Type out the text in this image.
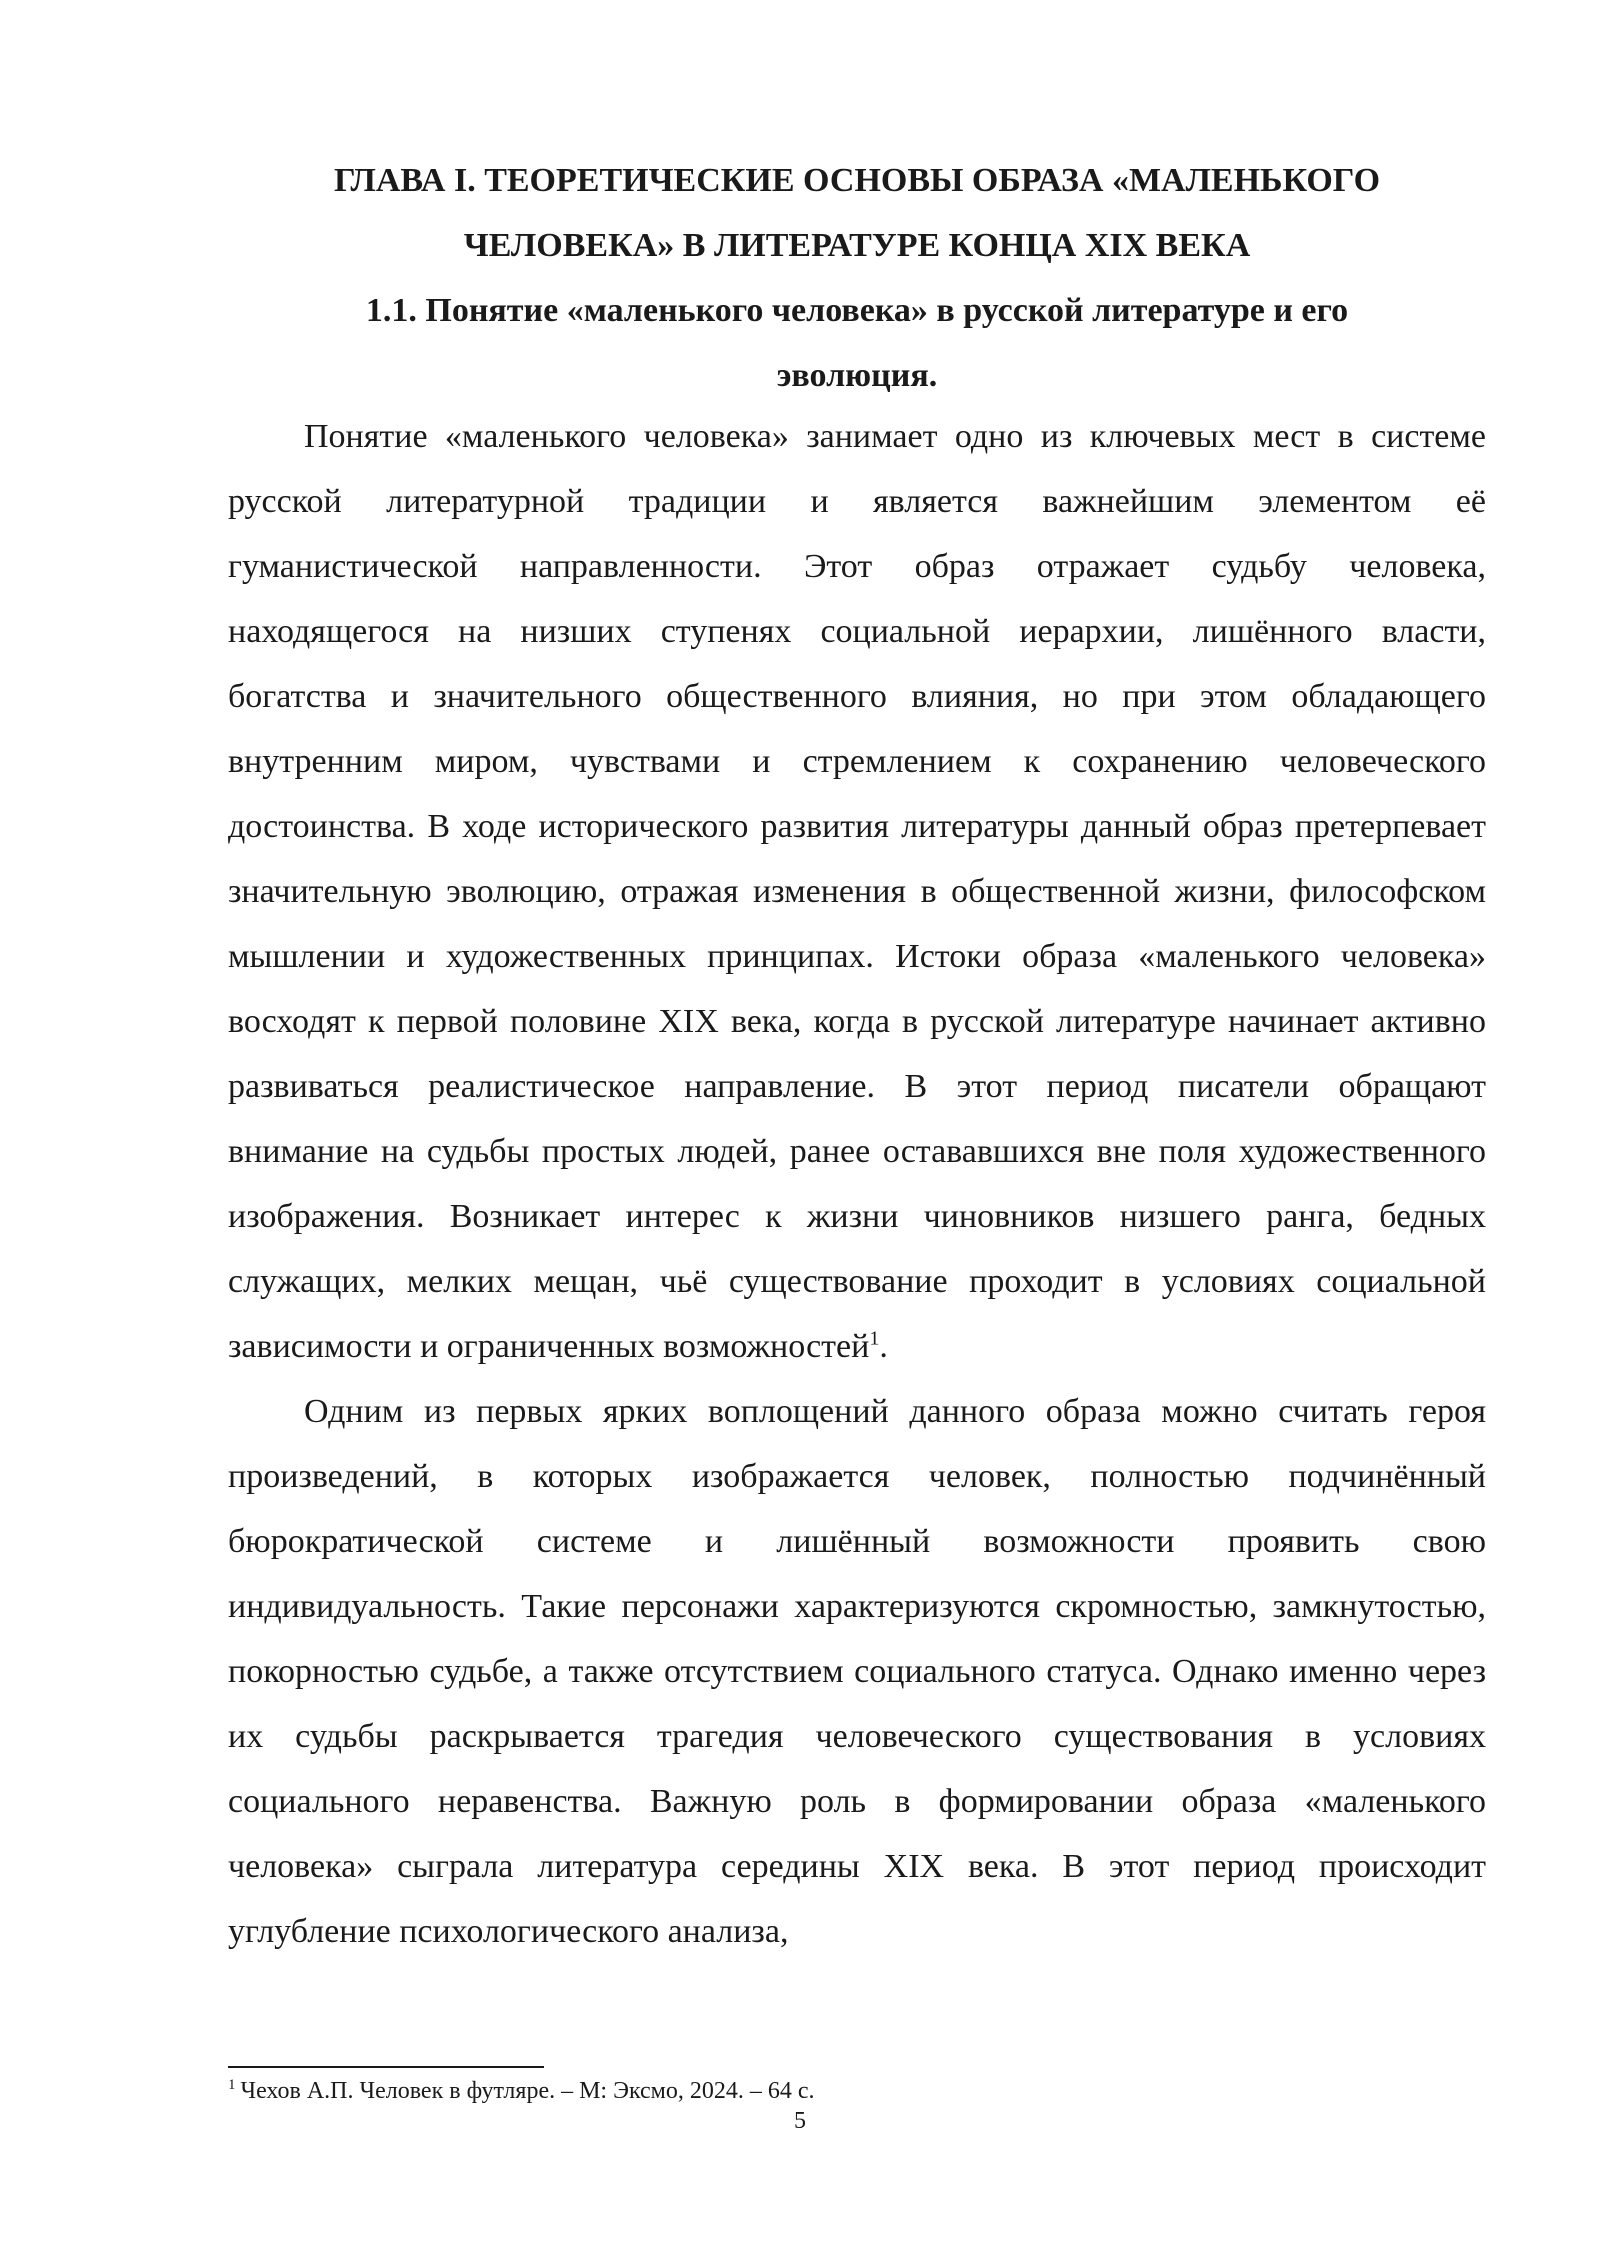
ГЛАВА I. ТЕОРЕТИЧЕСКИЕ ОСНОВЫ ОБРАЗА «МАЛЕНЬКОГО
ЧЕЛОВЕКА» В ЛИТЕРАТУРЕ КОНЦА XIX ВЕКА
1.1. Понятие «маленького человека» в русской литературе и его
эволюция.

Понятие «маленького человека» занимает одно из ключевых мест в системе русской литературной традиции и является важнейшим элементом её гуманистической направленности. Этот образ отражает судьбу человека, находящегося на низших ступенях социальной иерархии, лишённого власти, богатства и значительного общественного влияния, но при этом обладающего внутренним миром, чувствами и стремлением к сохранению человеческого достоинства. В ходе исторического развития литературы данный образ претерпевает значительную эволюцию, отражая изменения в общественной жизни, философском мышлении и художественных принципах. Истоки образа «маленького человека» восходят к первой половине XIX века, когда в русской литературе начинает активно развиваться реалистическое направление. В этот период писатели обращают внимание на судьбы простых людей, ранее остававшихся вне поля художественного изображения. Возникает интерес к жизни чиновников низшего ранга, бедных служащих, мелких мещан, чьё существование проходит в условиях социальной зависимости и ограниченных возможностей$^1$.

Одним из первых ярких воплощений данного образа можно считать героя произведений, в которых изображается человек, полностью подчинённый бюрократической системе и лишённый возможности проявить свою индивидуальность. Такие персонажи характеризуются скромностью, замкнутостью, покорностью судьбе, а также отсутствием социального статуса. Однако именно через их судьбы раскрывается трагедия человеческого существования в условиях социального неравенства. Важную роль в формировании образа «маленького человека» сыграла литература середины XIX века. В этот период происходит углубление психологического анализа,

$^1$ Чехов А.П. Человек в футляре. – М: Эксмо, 2024. – 64 с.
5
